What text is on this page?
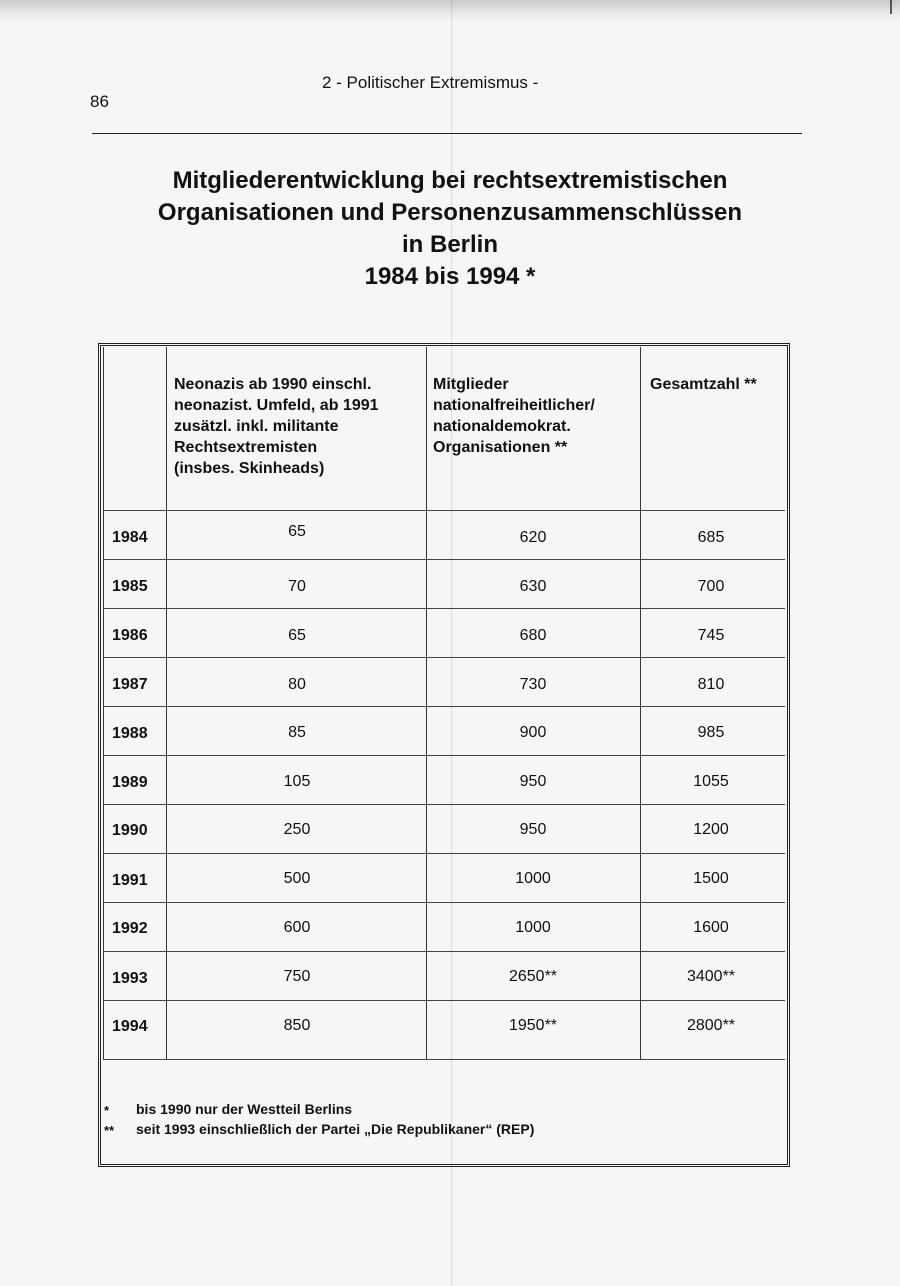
86
2 - Politischer Extremismus -
Mitgliederentwicklung bei rechtsextremistischen
Organisationen und Personenzusammenschlüssen
in Berlin
1984 bis 1994 *
Neonazis ab 1990 einschl.
neonazist. Umfeld, ab 1991
zusätzl. inkl. militante
Rechtsextremisten
(insbes. Skinheads)
Mitglieder
nationalfreiheitlicher/
nationaldemokrat.
Organisationen **
Gesamtzahl **
1984	65	620	685
1985	70	630	700
1986	65	680	745
1987	80	730	810
1988	85	900	985
1989	105	950	1055
1990	250	950	1200
1991	500	1000	1500
1992	600	1000	1600
1993	750	2650**	3400**
1994	850	1950**	2800**
* bis 1990 nur der Westteil Berlins
** seit 1993 einschließlich der Partei „Die Republikaner“ (REP)
